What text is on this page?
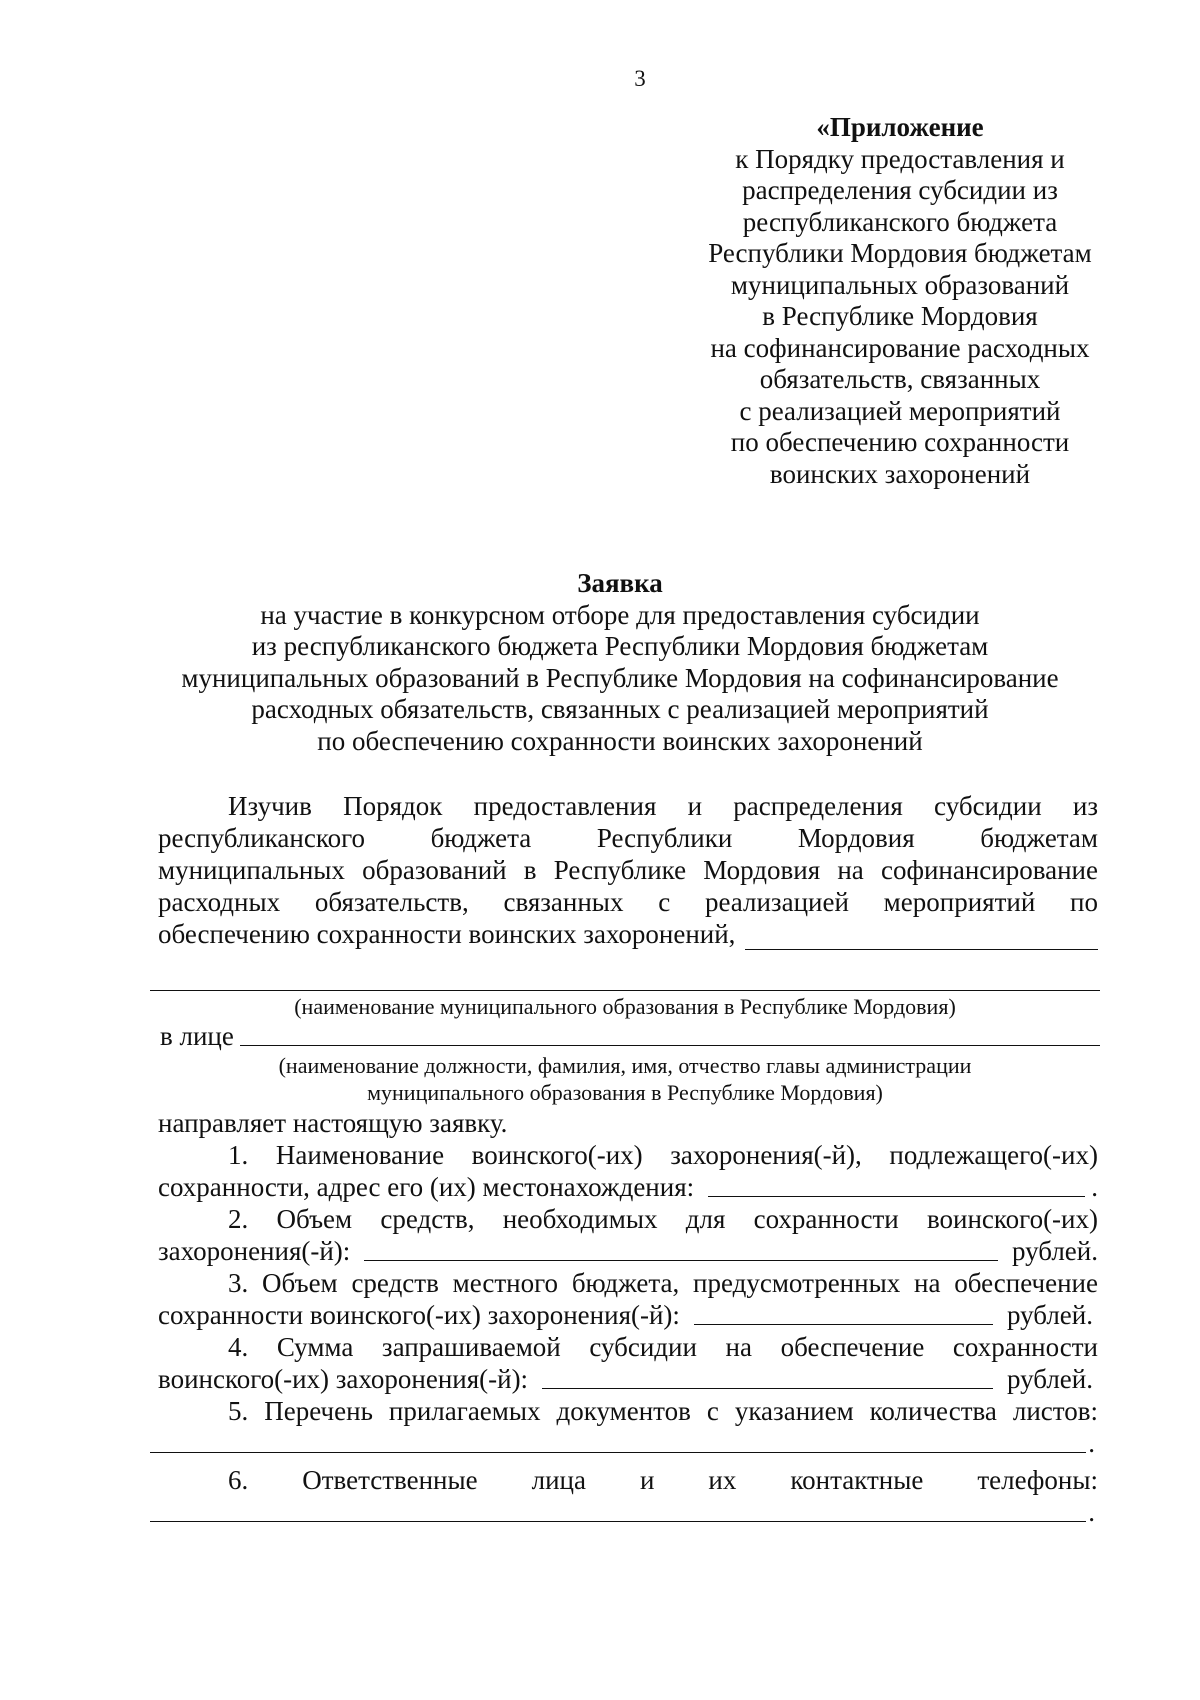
3
«Приложение
к Порядку предоставления и
распределения субсидии из
республиканского бюджета
Республики Мордовия бюджетам
муниципальных образований
в Республике Мордовия
на софинансирование расходных
обязательств, связанных
с реализацией мероприятий
по обеспечению сохранности
воинских захоронений
Заявка
на участие в конкурсном отборе для предоставления субсидии
из республиканского бюджета Республики Мордовия бюджетам
муниципальных образований в Республике Мордовия на софинансирование
расходных обязательств, связанных с реализацией мероприятий
по обеспечению сохранности воинских захоронений
Изучив Порядок предоставления и распределения субсидии из
республиканского бюджета Республики Мордовия бюджетам
муниципальных образований в Республике Мордовия на софинансирование
расходных обязательств, связанных с реализацией мероприятий по
обеспечению сохранности воинских захоронений,
(наименование муниципального образования в Республике Мордовия)
в лице
(наименование должности, фамилия, имя, отчество главы администрации
муниципального образования в Республике Мордовия)
направляет настоящую заявку.
1. Наименование воинского(-их) захоронения(-й), подлежащего(-их)
сохранности, адрес его (их) местонахождения:	.
2. Объем средств, необходимых для сохранности воинского(-их)
захоронения(-й):	рублей.
3. Объем средств местного бюджета, предусмотренных на обеспечение
сохранности воинского(-их) захоронения(-й):	рублей.
4. Сумма запрашиваемой субсидии на обеспечение сохранности
воинского(-их) захоронения(-й):	рублей.
5. Перечень прилагаемых документов с указанием количества листов:
.
6. Ответственные лица и их контактные телефоны:
.
